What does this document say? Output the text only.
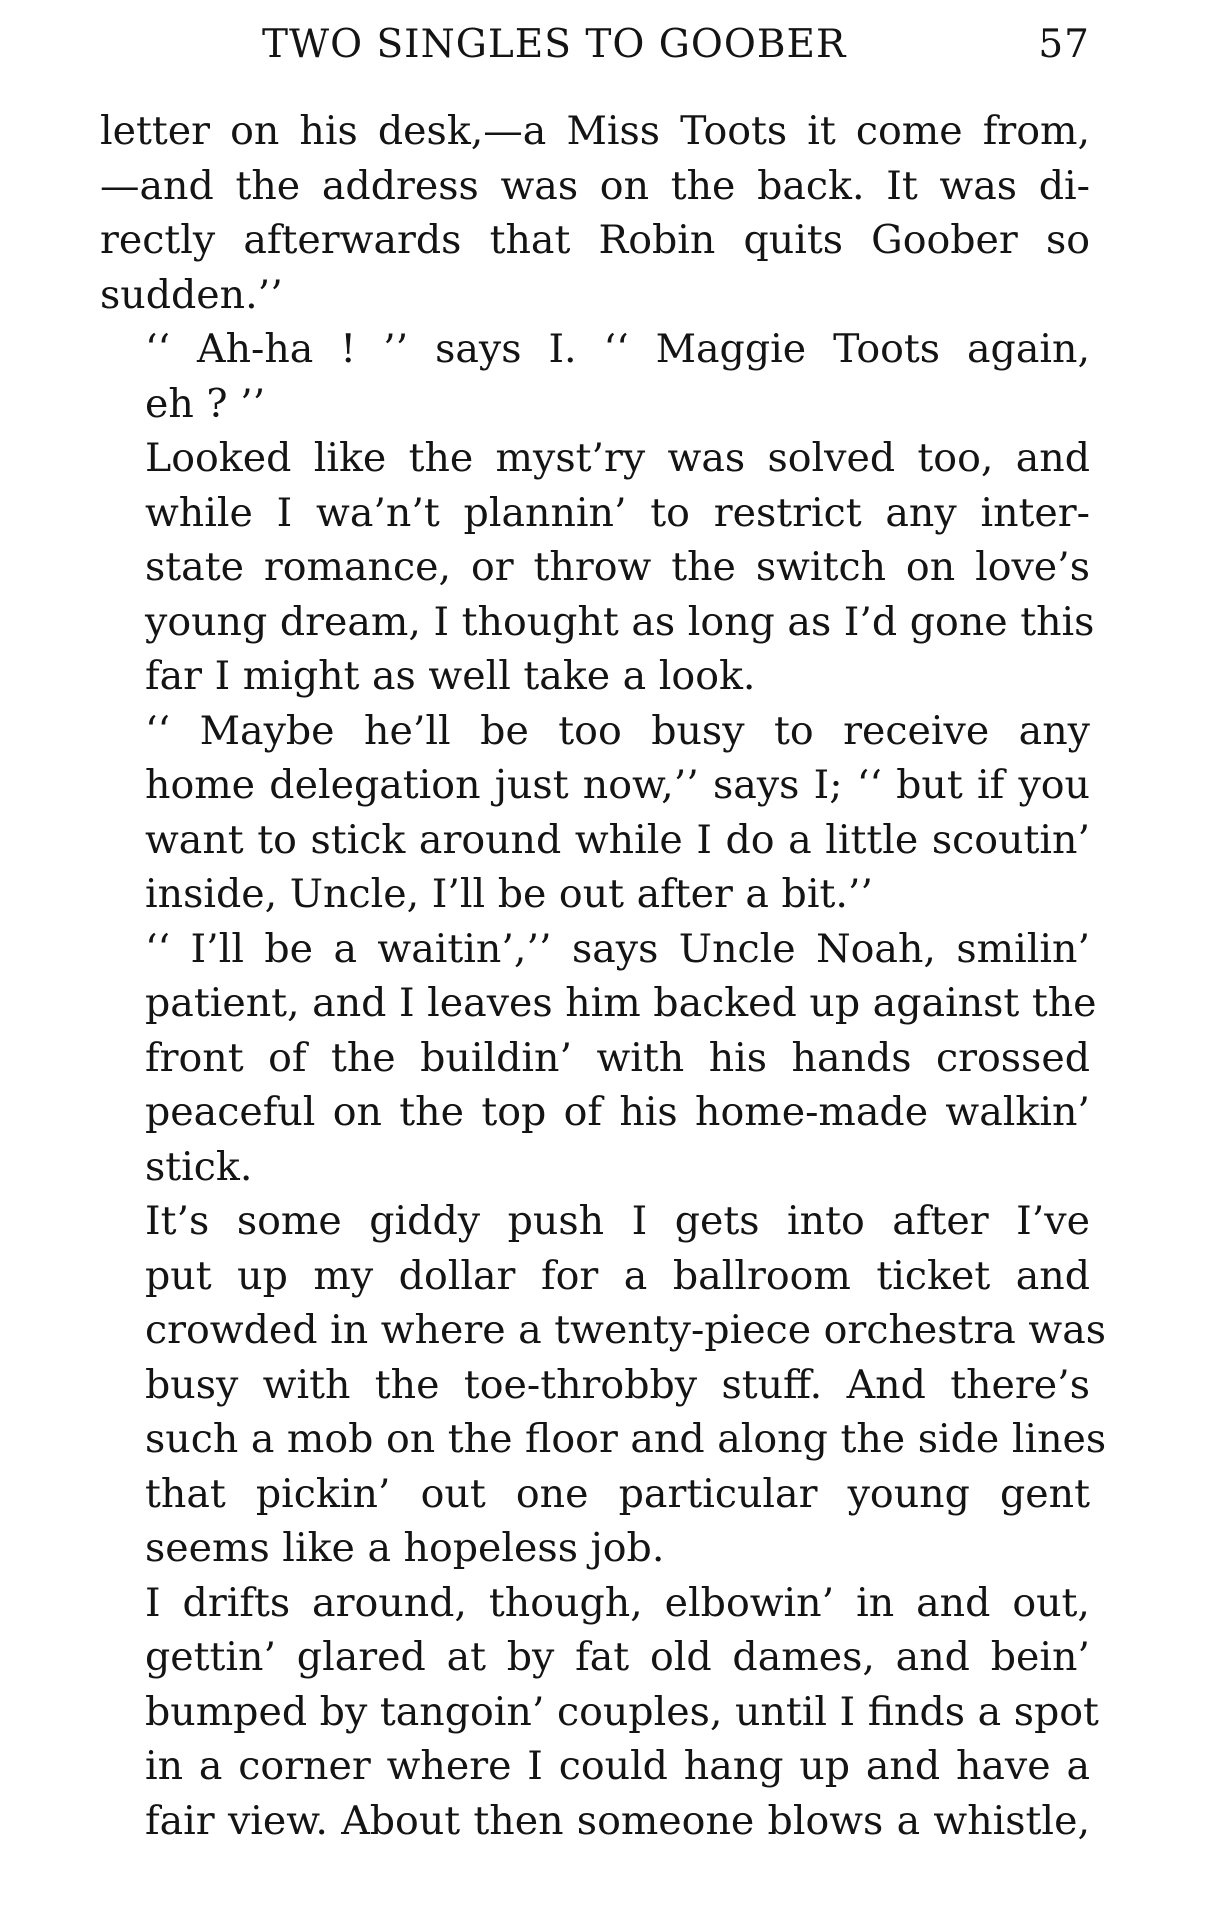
TWO SINGLES TO GOOBER	57

letter on his desk,—a Miss Toots it come from,
—and the address was on the back. It was di-
rectly afterwards that Robin quits Goober so
sudden.’’

‘‘ Ah-ha ! ’’ says I. ‘‘ Maggie Toots again,
eh ? ’’

Looked like the myst’ry was solved too, and
while I wa’n’t plannin’ to restrict any inter-
state romance, or throw the switch on love’s
young dream, I thought as long as I’d gone this
far I might as well take a look.

‘‘ Maybe he’ll be too busy to receive any
home delegation just now,’’ says I; ‘‘ but if you
want to stick around while I do a little scoutin’
inside, Uncle, I’ll be out after a bit.’’

‘‘ I’ll be a waitin’,’’ says Uncle Noah, smilin’
patient, and I leaves him backed up against the
front of the buildin’ with his hands crossed
peaceful on the top of his home-made walkin’
stick.

It’s some giddy push I gets into after I’ve
put up my dollar for a ballroom ticket and
crowded in where a twenty-piece orchestra was
busy with the toe-throbby stuff. And there’s
such a mob on the floor and along the side lines
that pickin’ out one particular young gent
seems like a hopeless job.

I drifts around, though, elbowin’ in and out,
gettin’ glared at by fat old dames, and bein’
bumped by tangoin’ couples, until I finds a spot
in a corner where I could hang up and have a
fair view. About then someone blows a whistle,
